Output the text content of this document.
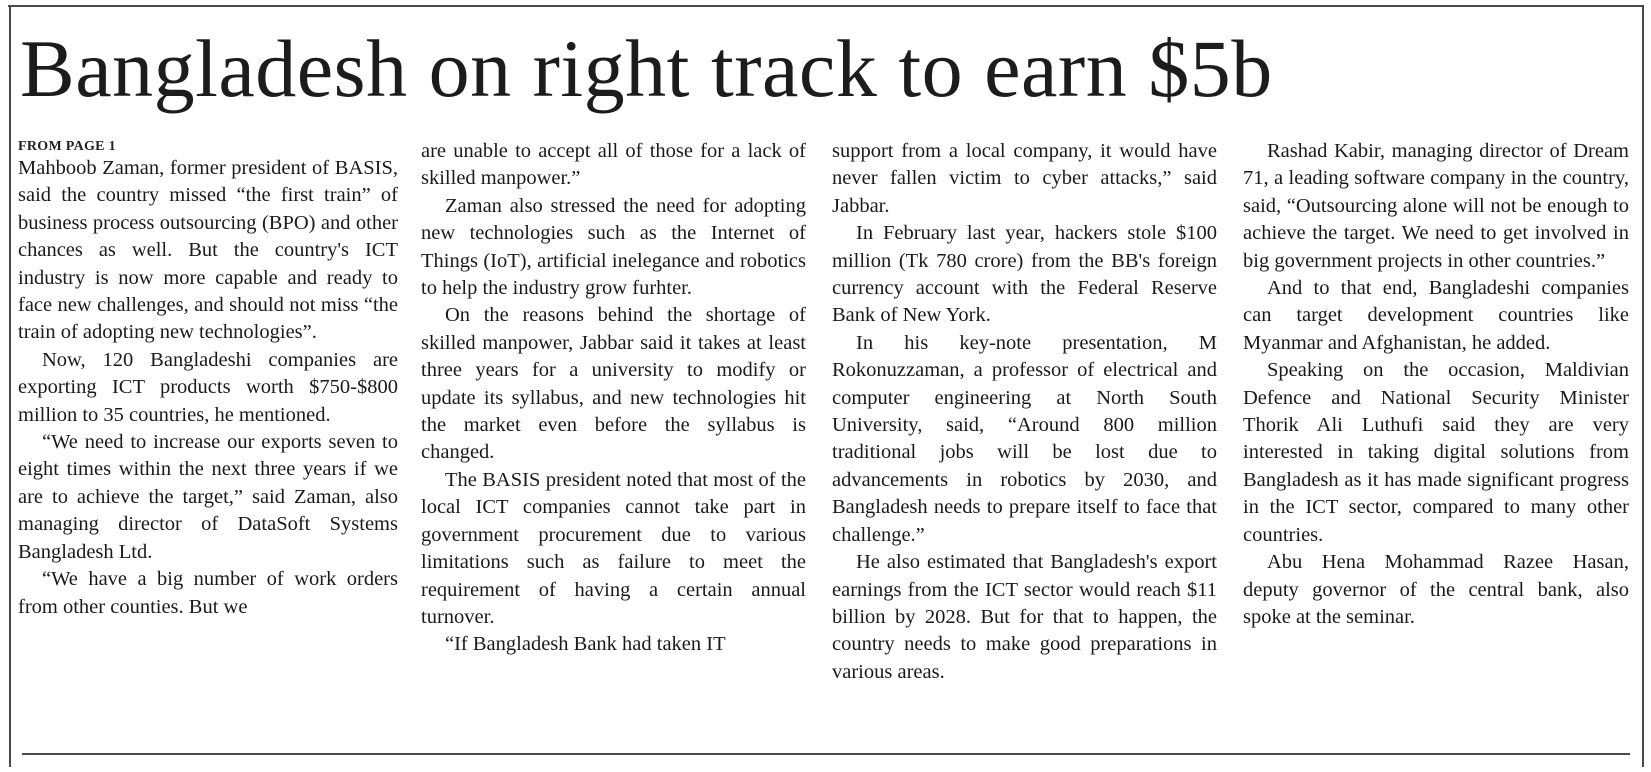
Bangladesh on right track to earn $5b
FROM PAGE 1

Mahboob Zaman, former president of BASIS, said the country missed “the first train” of business process outsourcing (BPO) and other chances as well. But the country's ICT industry is now more capable and ready to face new challenges, and should not miss “the train of adopting new technologies”.

Now, 120 Bangladeshi companies are exporting ICT products worth $750-$800 million to 35 countries, he mentioned.

“We need to increase our exports seven to eight times within the next three years if we are to achieve the target,” said Zaman, also managing director of DataSoft Systems Bangladesh Ltd.

“We have a big number of work orders from other counties. But we

are unable to accept all of those for a lack of skilled manpower.”

Zaman also stressed the need for adopting new technologies such as the Internet of Things (IoT), artificial inelegance and robotics to help the industry grow furhter.

On the reasons behind the shortage of skilled manpower, Jabbar said it takes at least three years for a university to modify or update its syllabus, and new technologies hit the market even before the syllabus is changed.

The BASIS president noted that most of the local ICT companies cannot take part in government procurement due to various limitations such as failure to meet the requirement of having a certain annual turnover.

“If Bangladesh Bank had taken IT

support from a local company, it would have never fallen victim to cyber attacks,” said Jabbar.

In February last year, hackers stole $100 million (Tk 780 crore) from the BB's foreign currency account with the Federal Reserve Bank of New York.

In his key-note presentation, M Rokonuzzaman, a professor of electrical and computer engineering at North South University, said, “Around 800 million traditional jobs will be lost due to advancements in robotics by 2030, and Bangladesh needs to prepare itself to face that challenge.”

He also estimated that Bangladesh's export earnings from the ICT sector would reach $11 billion by 2028. But for that to happen, the country needs to make good preparations in various areas.

Rashad Kabir, managing director of Dream 71, a leading software company in the country, said, “Outsourcing alone will not be enough to achieve the target. We need to get involved in big government projects in other countries.”

And to that end, Bangladeshi companies can target development countries like Myanmar and Afghanistan, he added.

Speaking on the occasion, Maldivian Defence and National Security Minister Thorik Ali Luthufi said they are very interested in taking digital solutions from Bangladesh as it has made significant progress in the ICT sector, compared to many other countries.

Abu Hena Mohammad Razee Hasan, deputy governor of the central bank, also spoke at the seminar.
